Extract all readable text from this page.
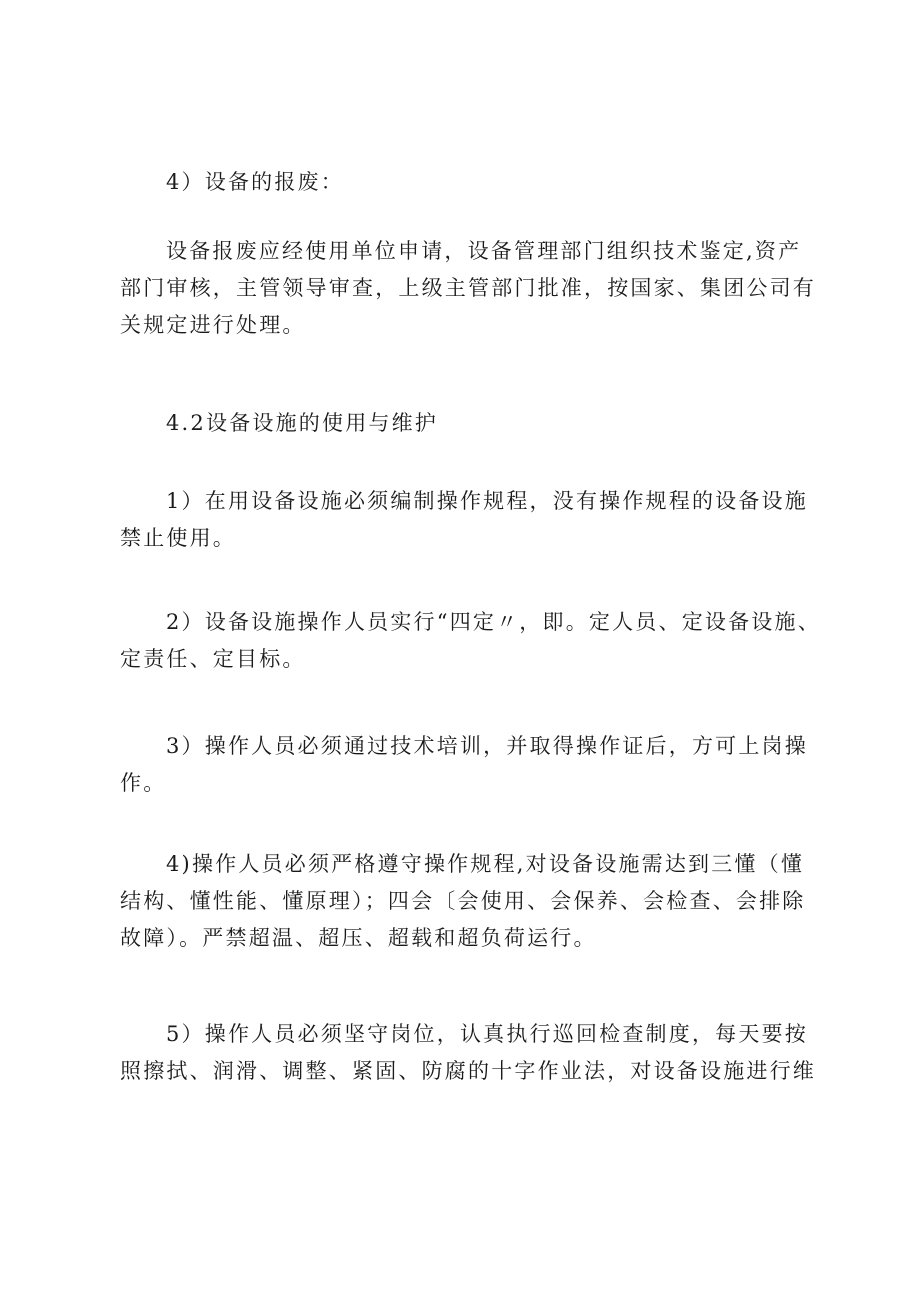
4）设备的报废：

设备报废应经使用单位申请，设备管理部门组织技术鉴定,资产
部门审核，主管领导审查，上级主管部门批准，按国家、集团公司有
关规定进行处理。

4.2设备设施的使用与维护

1）在用设备设施必须编制操作规程，没有操作规程的设备设施
禁止使用。

2）设备设施操作人员实行“四定〃，即。定人员、定设备设施、
定责任、定目标。

3）操作人员必须通过技术培训，并取得操作证后，方可上岗操
作。

4)操作人员必须严格遵守操作规程,对设备设施需达到三懂（懂
结构、懂性能、懂原理）；四会〔会使用、会保养、会检查、会排除
故障）。严禁超温、超压、超载和超负荷运行。

5）操作人员必须坚守岗位，认真执行巡回检查制度，每天要按
照擦拭、润滑、调整、紧固、防腐的十字作业法，对设备设施进行维
